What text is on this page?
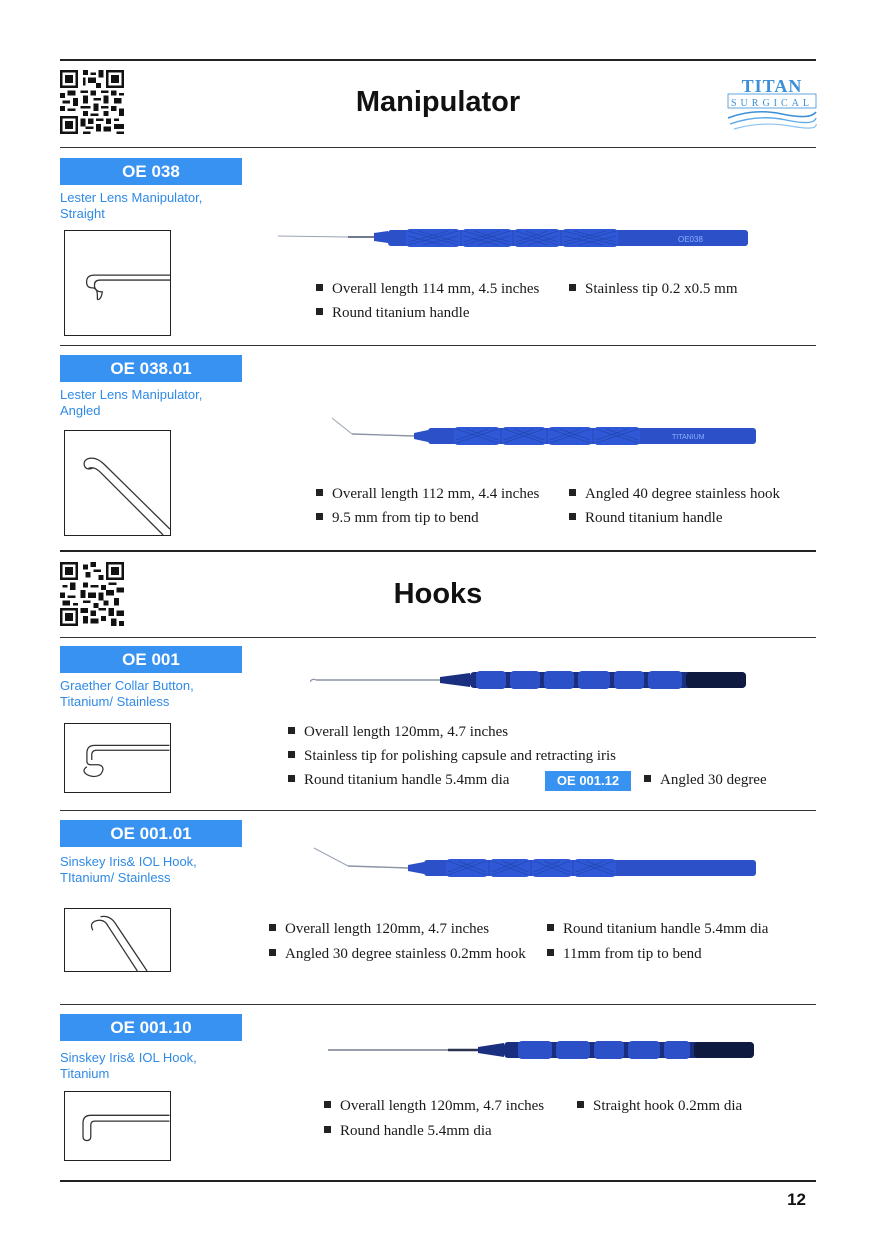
Manipulator	TITAN
SURGICAL
OE 038
Lester Lens Manipulator,
Straight
OE038
Overall length 114 mm, 4.5 inches	Stainless tip 0.2 x0.5 mm
Round titanium handle
OE 038.01
Lester Lens Manipulator,
Angled
TITANIUM
Overall length 112 mm, 4.4 inches	Angled 40 degree stainless hook
9.5 mm from tip to bend	Round titanium handle
Hooks
OE 001
Graether Collar Button,
Titanium/ Stainless
Overall length 120mm, 4.7 inches
Stainless tip for polishing capsule and retracting iris
Round titanium handle 5.4mm dia	OE 001.12	Angled 30 degree
OE 001.01
Sinskey Iris& IOL Hook,
TItanium/ Stainless
Overall length 120mm, 4.7 inches	Round titanium handle 5.4mm dia
Angled 30 degree stainless 0.2mm hook	11mm from tip to bend
OE 001.10
Sinskey Iris& IOL Hook,
Titanium
Overall length 120mm, 4.7 inches	Straight hook 0.2mm dia
Round handle 5.4mm dia
12
